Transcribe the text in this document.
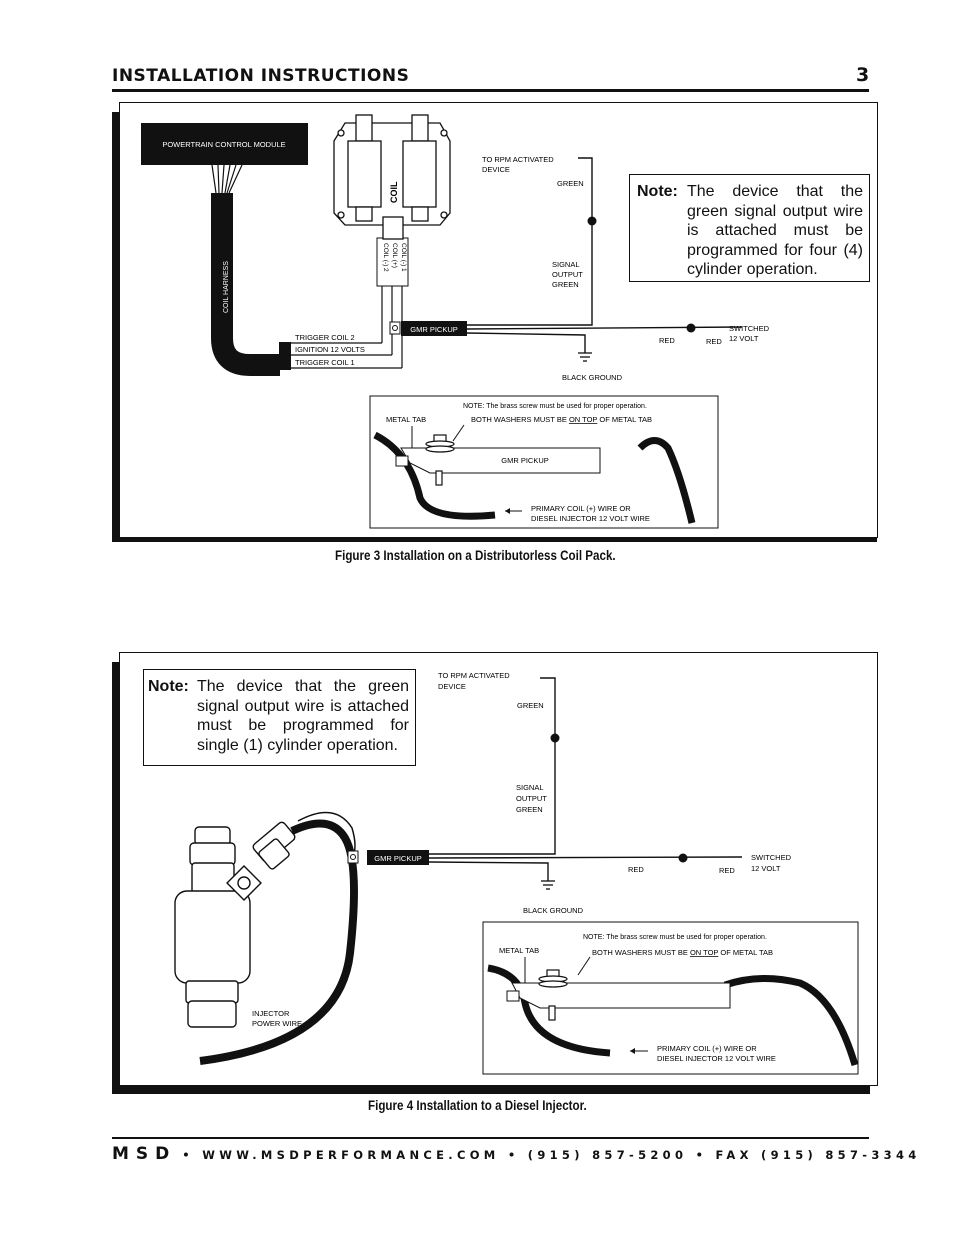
INSTALLATION INSTRUCTIONS	3
POWERTRAIN CONTROL MODULE
COIL HARNESS
TRIGGER COIL 2
IGNITION 12 VOLTS
TRIGGER COIL 1
COIL (-) 2 COIL (+) COIL (-) 1
COIL
GMR PICKUP
TO RPM ACTIVATED
DEVICE
GREEN
SIGNAL
OUTPUT
GREEN
RED	RED
SWITCHED
12 VOLT
BLACK GROUND
NOTE: The brass screw must be used for proper operation.
METAL TAB	BOTH WASHERS MUST BE ON TOP OF METAL TAB
GMR PICKUP
PRIMARY COIL (+) WIRE OR
DIESEL INJECTOR 12 VOLT WIRE
Note: The device that the green signal output wire is attached must be programmed for four (4) cylinder operation.
Figure 3 Installation on a Distributorless Coil Pack.
INJECTOR
POWER WIRE
GMR PICKUP
TO RPM ACTIVATED
DEVICE
GREEN
SIGNAL
OUTPUT
GREEN
RED	RED
SWITCHED
12 VOLT
BLACK GROUND
NOTE: The brass screw must be used for proper operation.
METAL TAB	BOTH WASHERS MUST BE ON TOP OF METAL TAB
PRIMARY COIL (+) WIRE OR
DIESEL INJECTOR 12 VOLT WIRE
Note: The device that the green signal output wire is attached must be programmed for single (1) cylinder operation.
Figure 4 Installation to a Diesel Injector.
MSD • WWW.MSDPERFORMANCE.COM • (915) 857-5200 • FAX (915) 857-3344
